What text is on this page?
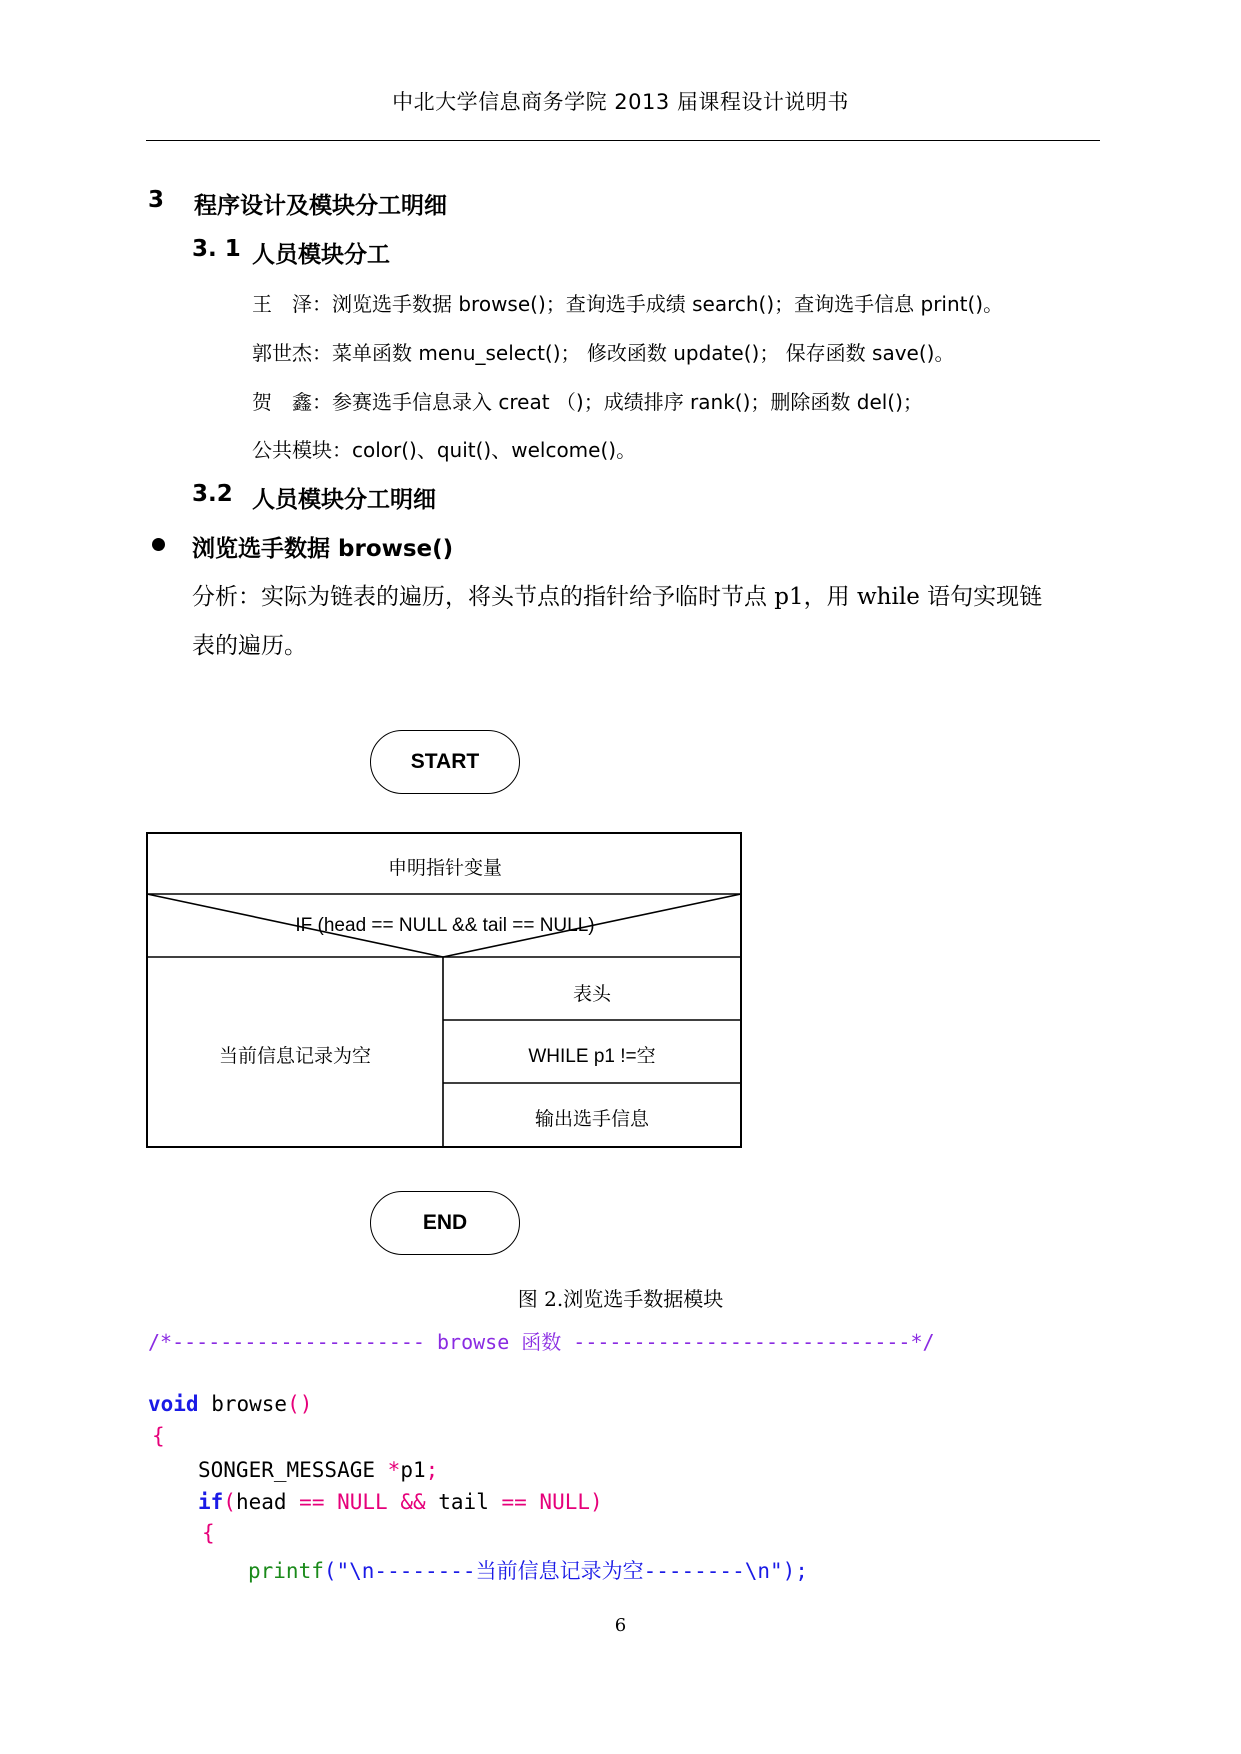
中北大学信息商务学院 2013 届课程设计说明书
3 程序设计及模块分工明细
3. 1 人员模块分工
王　泽：浏览选手数据 browse()；查询选手成绩 search()；查询选手信息 print()。
郭世杰：菜单函数 menu_select()； 修改函数 update()； 保存函数 save()。
贺　鑫：参赛选手信息录入 creat （)；成绩排序 rank()；删除函数 del()；
公共模块：color()、quit()、welcome()。
3.2 人员模块分工明细
浏览选手数据 browse()
分析：实际为链表的遍历，将头节点的指针给予临时节点 p1，用 while 语句实现链
表的遍历。
START
申明指针变量
IF (head == NULL && tail == NULL)
当前信息记录为空
表头
WHILE p1 !=空
输出选手信息
END
图 2.浏览选手数据模块
/*--------------------- browse 函数 ----------------------------*/
void browse()
{
SONGER_MESSAGE *p1;
if(head == NULL && tail == NULL)
{
printf("\n--------当前信息记录为空--------\n");
6
